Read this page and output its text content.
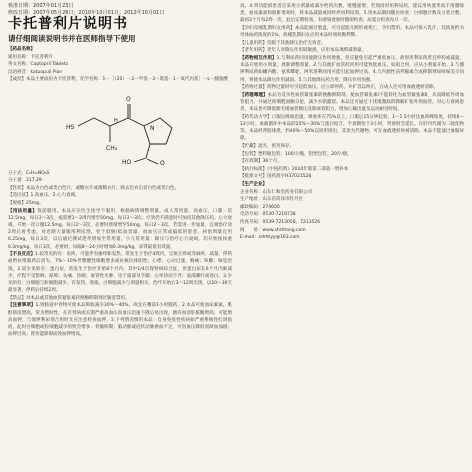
核准日期：2007年01月23日
修改日期：2007年05月26日；2010年10月01日；2012年10月01日
卡托普利片说明书
请仔细阅读说明书并在医师指导下使用

【药品名称】

通用名称：卡托普利片

英文名称：Captopril Tablets

汉语拼音：katuopuli Pian

【成份】本品主要成份为卡托普利，化学名称：1－［（2S）－2－甲基－3－巯基－1－氧代丙基］－L－脯氨酸

N
O
HS
CH₃
HO	O
H

分子式：C₉H₁₅NO₃S

分子量：217.29

【性状】本品为白色或类白色片，或糖衣片或薄膜衣片，除去包衣后显白色或类白色。

【适应症】1.高血压。2.心力衰竭。

【规格】25mg。

【用法用量】饭前服用。本品应在医生指导下服用，根据病情调整剂量。成人常用量，高血压，口服一次12.5mg，每日2～3次，按需要1～2周内增至50mg，每日2～3次；疗效仍不满意时可加用其他降压药。心力衰竭，开始一次口服12.5mg，每日2～3次，必要时逐渐增至50mg，每日2～3次，若需进一步加量，宜观察疗效2周后再考虑。对近期大量服用利尿剂，处于低钠/低血容量，而血压正常或偏低的患者，初始剂量宜用6.25mg，每日3次，以后通过测试逐步增加至常用量。小儿常用量：降压与治疗心力衰竭，均开始按体重0.3mg/kg，每日3次，必要时，每隔8～24小时增加0.3mg/kg，求得最低有效量。

【不良反应】1.较常见的有：皮疹，可能伴有瘙痒和发热，常发生于治疗4周内，呈斑丘疹或荨麻疹，减量、停药或给抗组胺药后消失，7%～10%伴嗜酸性细胞增多或抗核抗体阳性；心悸、心动过速、胸痛；咳嗽；味觉迟钝。2.较少见的有：蛋白尿，常发生于治疗开始8个月内，其中1/4出现肾病综合征，但蛋白尿在6个月内渐减少，疗程不受影响；眩晕、头痛、昏厥；血管性水肿，见于面部及手脚；心率快而不齐；面部潮红或苍白。3.少见的有：白细胞与粒细胞减少，有发热、寒战，白细胞减少与剂量相关，治疗开始后3～12周出现，以10～30天最显著，停药后持续2周。

【禁忌】对本品或其他血管紧张素转换酶抑制剂过敏者禁用。

【注意事项】1.胃肠道中食物可使本品吸收减少30%～40%，故宜在餐前1小时服药。2.本品可使血尿素氮、肌酐浓度增高，常为暂时性，在有肾病或长期严重高血压而血压迅速下降后易出现，偶有血清肝脏酶增高；可能增高血钾，与保钾利尿剂合用时尤应注意检查血钾。3.下列情况慎用本品：自身免疫性疾病如严重系统性红斑狼疮，此时白细胞或粒细胞减少的机会增多；骨髓抑制；脑动脉或冠状动脉供血不足，可因血压降低而缺血加剧；血钾过高；肾功能障碍而致血钾增高。

高。4.肾功能损害者应采用小剂量或减少给药次数，缓慢递增；若须同时用利尿药，建议用呋塞米而不用噻嗪类，血尿素氮和肌酐增高时，将本品减量或同时停用利尿剂。5.用本品期间随访检查：白细胞计数及分类计数，最初3个月每2周一次，此后定期检查，有感染迹象时随即检查；尿蛋白检查每月一次。

【孕妇及哺乳期妇女用药】本品能通过胎盘，可引起胎儿畸形或死亡，孕妇禁用。本品可排入乳汁，其浓度约为母体血药浓度的1%，故哺乳期妇女应用本品时须权衡利弊。

【儿童用药】仅限于其他降压治疗无效者。

【老年用药】老年人对降压作用较敏感，应用本品须酌减剂量。

【药物相互作用】1.与利尿药同用使降压作用增强，但应避免引起严重低血压，故原用利尿药者宜停药或减量，本品开始用小剂量，逐渐调整剂量。2.与其他扩血管药同用可能致低血压，如拟合用，应从小剂量开始。3.与潴钾利尿药如螺内酯、氨苯蝶啶、阿米洛利同用可能引起血钾过高。4.与内源性前列腺素合成抑制剂如吲哚美辛同用，将使本品降压作用减弱。5.与其他降压药合用，降压作用加强。

【药物过量】药物过量时可引起低血压，应立即停药，并扩容以纠正，在成人还可用血液透析清除。

【药理毒理】本品为竞争性血管紧张素转换酶抑制剂，使血管紧张素Ⅰ不能转化为血管紧张素Ⅱ，从而降低外周血管阻力，并通过抑制醛固酮分泌，减少水钠潴留。本品还可通过干扰缓激肽的降解扩张外周血管。对心力衰竭患者，本品也可降低肺毛细血管楔压及肺血管阻力，增加心输出量及运动耐受时间。

【药代动力学】口服后吸收迅速，吸收率在75%以上。口服后15分钟起效，1～1.5小时达血药峰浓度，持续6～12小时。血液循环中本品的25%～30%与蛋白结合。半衰期短于3小时，肾衰时会延长。在肝内代谢为二硫化物等。本品经肾脏排泄，约40%～50%以原形排出，其余为代谢物，可在血液透析时被清除。本品不能通过血脑屏障。

【贮藏】遮光，密封保存。

【包装】塑料瓶包装；100片/瓶，铝塑包装，20片/板。

【有效期】36个月。

【执行标准】《中国药典》2010年版第二部第一增补本

【批准文号】国药准字H37021528

【生产企业】

企业名称：山东仁和堂药业有限公司

生产地址：山东省菏泽市牡丹区

邮政编码：274600

电话号码：0530-7219738

传真号码：0539-7213050、7213526

网　　址：www.shrhtang.com

E-mail：sdrhtyy@163.com
